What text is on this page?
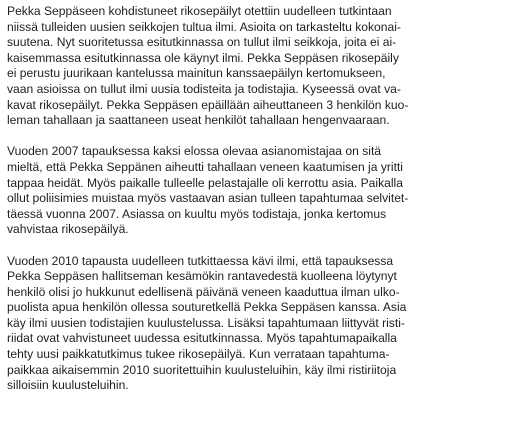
Pekka Seppäseen kohdistuneet rikosepäilyt otettiin uudelleen tutkintaan
niissä tulleiden uusien seikkojen tultua ilmi. Asioita on tarkasteltu kokonai-
suutena. Nyt suoritetussa esitutkinnassa on tullut ilmi seikkoja, joita ei ai-
kaisemmassa esitutkinnassa ole käynyt ilmi. Pekka Seppäsen rikosepäily
ei perustu juurikaan kantelussa mainitun kanssaepäilyn kertomukseen,
vaan asioissa on tullut ilmi uusia todisteita ja todistajia. Kyseessä ovat va-
kavat rikosepäilyt. Pekka Seppäsen epäillään aiheuttaneen 3 henkilön kuo-
leman tahallaan ja saattaneen useat henkilöt tahallaan hengenvaaraan.
Vuoden 2007 tapauksessa kaksi elossa olevaa asianomistajaa on sitä
mieltä, että Pekka Seppänen aiheutti tahallaan veneen kaatumisen ja yritti
tappaa heidät. Myös paikalle tulleelle pelastajalle oli kerrottu asia. Paikalla
ollut poliisimies muistaa myös vastaavan asian tulleen tapahtumaa selvitet-
täessä vuonna 2007. Asiassa on kuultu myös todistaja, jonka kertomus
vahvistaa rikosepäilyä.
Vuoden 2010 tapausta uudelleen tutkittaessa kävi ilmi, että tapauksessa
Pekka Seppäsen hallitseman kesämökin rantavedestä kuolleena löytynyt
henkilö olisi jo hukkunut edellisenä päivänä veneen kaaduttua ilman ulko-
puolista apua henkilön ollessa souturetkellä Pekka Seppäsen kanssa. Asia
käy ilmi uusien todistajien kuulustelussa. Lisäksi tapahtumaan liittyvät risti-
riidat ovat vahvistuneet uudessa esitutkinnassa. Myös tapahtumapaikalla
tehty uusi paikkatutkimus tukee rikosepäilyä. Kun verrataan tapahtuma-
paikkaa aikaisemmin 2010 suoritettuihin kuulusteluihin, käy ilmi ristiriitoja
silloisiin kuulusteluihin.
